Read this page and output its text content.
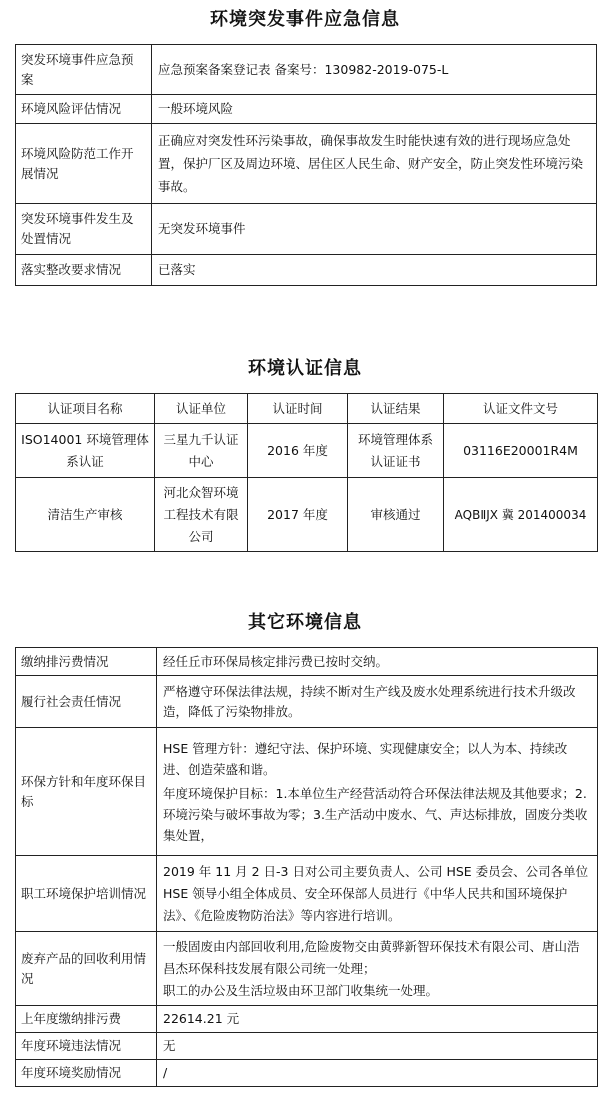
环境突发事件应急信息
突发环境事件应急预案	应急预案备案登记表 备案号：130982-2019-075-L
环境风险评估情况	一般环境风险
环境风险防范工作开展情况	正确应对突发性环污染事故，确保事故发生时能快速有效的进行现场应急处置，保护厂区及周边环境、居住区人民生命、财产安全，防止突发性环境污染事故。
突发环境事件发生及处置情况	无突发环境事件
落实整改要求情况	已落实
环境认证信息
认证项目名称	认证单位	认证时间	认证结果	认证文件文号
ISO14001 环境管理体系认证	三星九千认证中心	2016 年度	环境管理体系认证证书	03116E20001R4M
清洁生产审核	河北众智环境工程技术有限公司	2017 年度	审核通过	AQBⅡJX 冀 201400034
其它环境信息
缴纳排污费情况	经任丘市环保局核定排污费已按时交纳。
履行社会责任情况	严格遵守环保法律法规，持续不断对生产线及废水处理系统进行技术升级改造，降低了污染物排放。
环保方针和年度环保目标	HSE 管理方针：遵纪守法、保护环境、实现健康安全；以人为本、持续改进、创造荣盛和谐。
年度环境保护目标：1.本单位生产经营活动符合环保法律法规及其他要求；2.环境污染与破坏事故为零；3.生产活动中废水、气、声达标排放，固废分类收集处置，

职工环境保护培训情况	2019 年 11 月 2 日-3 日对公司主要负责人、公司 HSE 委员会、公司各单位 HSE 领导小组全体成员、安全环保部人员进行《中华人民共和国环境保护法》、《危险废物防治法》等内容进行培训。
废弃产品的回收利用情况	一般固废由内部回收利用,危险废物交由黄骅新智环保技术有限公司、唐山浩昌杰环保科技发展有限公司统一处理；
职工的办公及生活垃圾由环卫部门收集统一处理。

上年度缴纳排污费	22614.21 元
年度环境违法情况	无
年度环境奖励情况	/
